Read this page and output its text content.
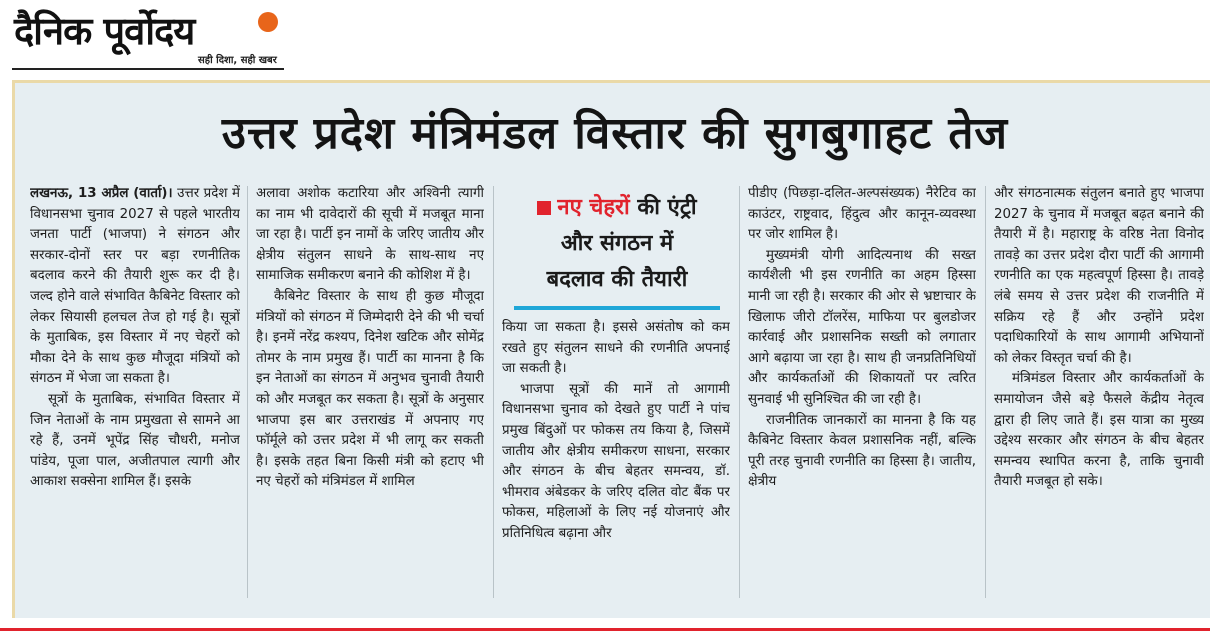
दैनिक पूर्वोदय
सही दिशा, सही खबर
उत्तर प्रदेश मंत्रिमंडल विस्तार की सुगबुगाहट तेज

लखनऊ, 13 अप्रैल (वार्ता)। उत्तर प्रदेश में विधानसभा चुनाव 2027 से पहले भारतीय जनता पार्टी (भाजपा) ने संगठन और सरकार-दोनों स्तर पर बड़ा रणनीतिक बदलाव करने की तैयारी शुरू कर दी है। जल्द होने वाले संभावित कैबिनेट विस्तार को लेकर सियासी हलचल तेज हो गई है। सूत्रों के मुताबिक, इस विस्तार में नए चेहरों को मौका देने के साथ कुछ मौजूदा मंत्रियों को संगठन में भेजा जा सकता है।

सूत्रों के मुताबिक, संभावित विस्तार में जिन नेताओं के नाम प्रमुखता से सामने आ रहे हैं, उनमें भूपेंद्र सिंह चौधरी, मनोज पांडेय, पूजा पाल, अजीतपाल त्यागी और आकाश सक्सेना शामिल हैं। इसके

अलावा अशोक कटारिया और अश्विनी त्यागी का नाम भी दावेदारों की सूची में मजबूत माना जा रहा है। पार्टी इन नामों के जरिए जातीय और क्षेत्रीय संतुलन साधने के साथ-साथ नए सामाजिक समीकरण बनाने की कोशिश में है।

कैबिनेट विस्तार के साथ ही कुछ मौजूदा मंत्रियों को संगठन में जिम्मेदारी देने की भी चर्चा है। इनमें नरेंद्र कश्यप, दिनेश खटिक और सोमेंद्र तोमर के नाम प्रमुख हैं। पार्टी का मानना है कि इन नेताओं का संगठन में अनुभव चुनावी तैयारी को और मजबूत कर सकता है। सूत्रों के अनुसार भाजपा इस बार उत्तराखंड में अपनाए गए फॉर्मूले को उत्तर प्रदेश में भी लागू कर सकती है। इसके तहत बिना किसी मंत्री को हटाए भी नए चेहरों को मंत्रिमंडल में शामिल

नए चेहरों की एंट्री
और संगठन में
बदलाव की तैयारी

किया जा सकता है। इससे असंतोष को कम रखते हुए संतुलन साधने की रणनीति अपनाई जा सकती है।

भाजपा सूत्रों की मानें तो आगामी विधानसभा चुनाव को देखते हुए पार्टी ने पांच प्रमुख बिंदुओं पर फोकस तय किया है, जिसमें जातीय और क्षेत्रीय समीकरण साधना, सरकार और संगठन के बीच बेहतर समन्वय, डॉ. भीमराव अंबेडकर के जरिए दलित वोट बैंक पर फोकस, महिलाओं के लिए नई योजनाएं और प्रतिनिधित्व बढ़ाना और

पीडीए (पिछड़ा-दलित-अल्पसंख्यक) नैरेटिव का काउंटर, राष्ट्रवाद, हिंदुत्व और कानून-व्यवस्था पर जोर शामिल है।

मुख्यमंत्री योगी आदित्यनाथ की सख्त कार्यशैली भी इस रणनीति का अहम हिस्सा मानी जा रही है। सरकार की ओर से भ्रष्टाचार के खिलाफ जीरो टॉलरेंस, माफिया पर बुलडोजर कार्रवाई और प्रशासनिक सख्ती को लगातार आगे बढ़ाया जा रहा है। साथ ही जनप्रतिनिधियों और कार्यकर्ताओं की शिकायतों पर त्वरित सुनवाई भी सुनिश्चित की जा रही है।

राजनीतिक जानकारों का मानना है कि यह कैबिनेट विस्तार केवल प्रशासनिक नहीं, बल्कि पूरी तरह चुनावी रणनीति का हिस्सा है। जातीय, क्षेत्रीय

और संगठनात्मक संतुलन बनाते हुए भाजपा 2027 के चुनाव में मजबूत बढ़त बनाने की तैयारी में है। महाराष्ट्र के वरिष्ठ नेता विनोद तावड़े का उत्तर प्रदेश दौरा पार्टी की आगामी रणनीति का एक महत्वपूर्ण हिस्सा है। तावड़े लंबे समय से उत्तर प्रदेश की राजनीति में सक्रिय रहे हैं और उन्होंने प्रदेश पदाधिकारियों के साथ आगामी अभियानों को लेकर विस्तृत चर्चा की है।

मंत्रिमंडल विस्तार और कार्यकर्ताओं के समायोजन जैसे बड़े फैसले केंद्रीय नेतृत्व द्वारा ही लिए जाते हैं। इस यात्रा का मुख्य उद्देश्य सरकार और संगठन के बीच बेहतर समन्वय स्थापित करना है, ताकि चुनावी तैयारी मजबूत हो सके।
